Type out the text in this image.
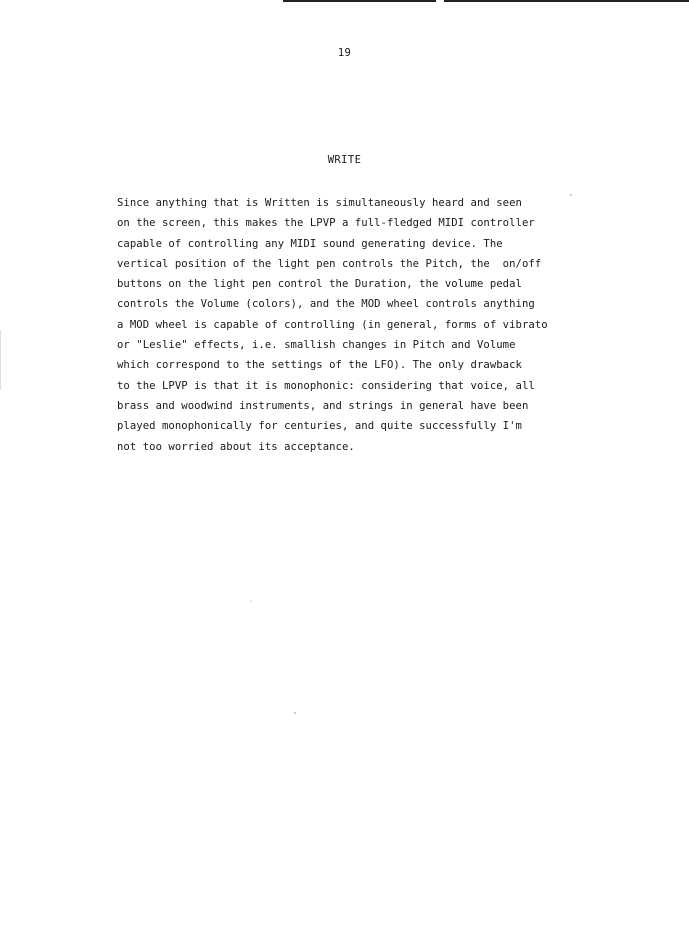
19
WRITE
Since anything that is Written is simultaneously heard and seen
on the screen, this makes the LPVP a full-fledged MIDI controller
capable of controlling any MIDI sound generating device. The
vertical position of the light pen controls the Pitch, the  on/off
buttons on the light pen control the Duration, the volume pedal
controls the Volume (colors), and the MOD wheel controls anything
a MOD wheel is capable of controlling (in general, forms of vibrato
or "Leslie" effects, i.e. smallish changes in Pitch and Volume
which correspond to the settings of the LFO). The only drawback
to the LPVP is that it is monophonic: considering that voice, all
brass and woodwind instruments, and strings in general have been
played monophonically for centuries, and quite successfully I'm
not too worried about its acceptance.
